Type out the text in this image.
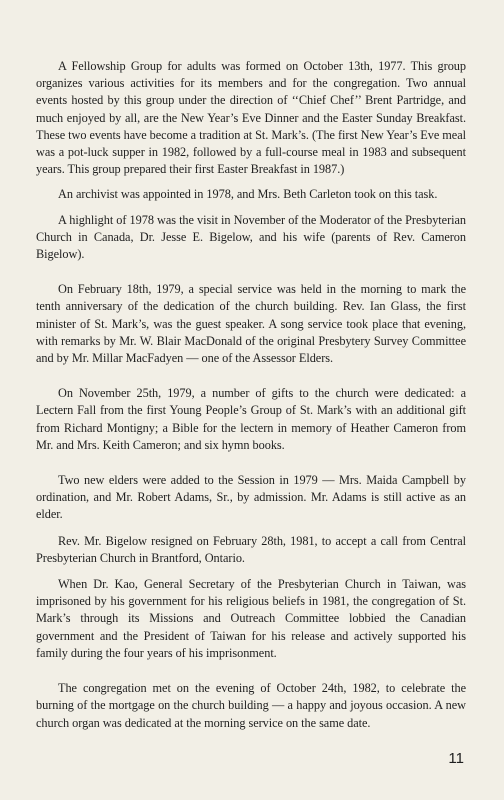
A Fellowship Group for adults was formed on October 13th, 1977. This group organizes various activities for its members and for the congregation. Two annual events hosted by this group under the direction of ‘‘Chief Chef’’ Brent Partridge, and much enjoyed by all, are the New Year’s Eve Dinner and the Easter Sunday Breakfast. These two events have become a tradition at St. Mark’s. (The first New Year’s Eve meal was a pot-luck supper in 1982, followed by a full-course meal in 1983 and subsequent years. This group prepared their first Easter Breakfast in 1987.)

An archivist was appointed in 1978, and Mrs. Beth Carleton took on this task.

A highlight of 1978 was the visit in November of the Moderator of the Presbyterian Church in Canada, Dr. Jesse E. Bigelow, and his wife (parents of Rev. Cameron Bigelow).

On February 18th, 1979, a special service was held in the morning to mark the tenth anniversary of the dedication of the church building. Rev. Ian Glass, the first minister of St. Mark’s, was the guest speaker. A song service took place that evening, with remarks by Mr. W. Blair MacDonald of the original Presbytery Survey Committee and by Mr. Millar MacFadyen — one of the Assessor Elders.

On November 25th, 1979, a number of gifts to the church were dedicated: a Lectern Fall from the first Young People’s Group of St. Mark’s with an additional gift from Richard Montigny; a Bible for the lectern in memory of Heather Cameron from Mr. and Mrs. Keith Cameron; and six hymn books.

Two new elders were added to the Session in 1979 — Mrs. Maida Campbell by ordination, and Mr. Robert Adams, Sr., by admission. Mr. Adams is still active as an elder.

Rev. Mr. Bigelow resigned on February 28th, 1981, to accept a call from Central Presbyterian Church in Brantford, Ontario.

When Dr. Kao, General Secretary of the Presbyterian Church in Taiwan, was imprisoned by his government for his religious beliefs in 1981, the congregation of St. Mark’s through its Missions and Outreach Committee lobbied the Canadian government and the President of Taiwan for his release and actively supported his family during the four years of his imprisonment.

The congregation met on the evening of October 24th, 1982, to celebrate the burning of the mortgage on the church building — a happy and joyous occasion. A new church organ was dedicated at the morning service on the same date.

11
